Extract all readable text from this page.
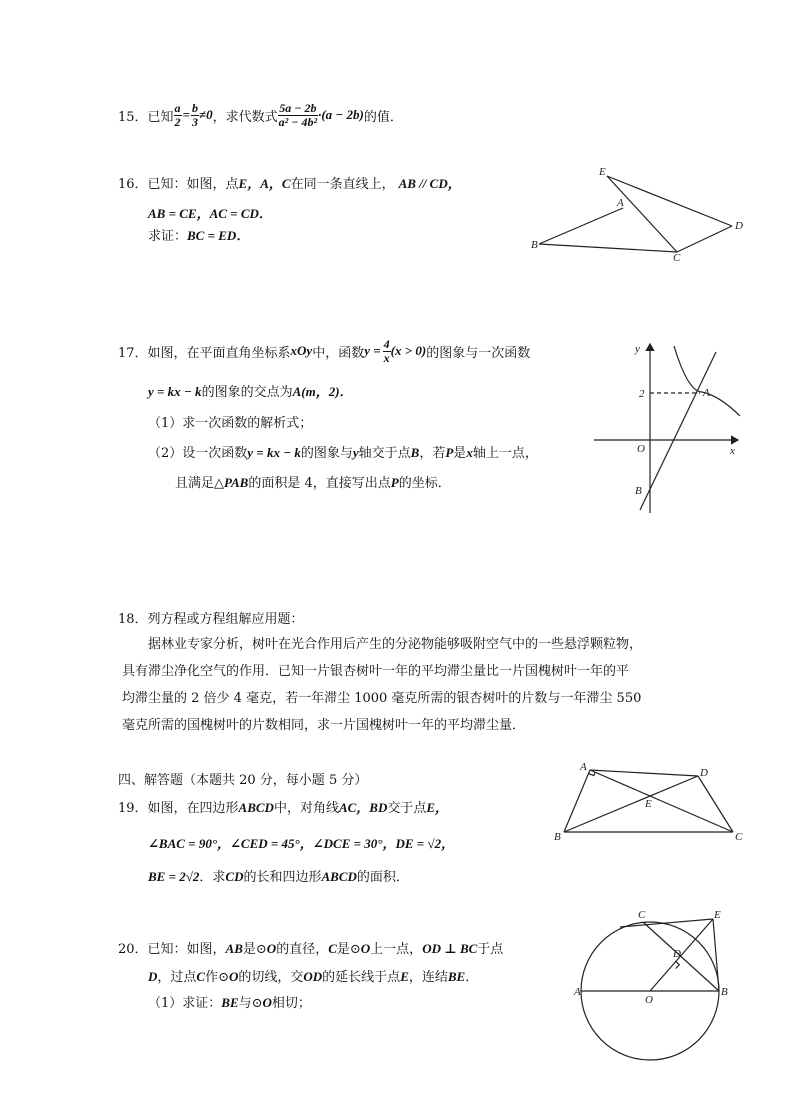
15．已知 $\frac{a}{2} = \frac{b}{3} \ne 0$ ，求代数式 $\frac{5a - 2b}{\text{a² − 4b²}} \cdot(a - 2b)$ 的值．
16．已知：如图，点E，A，C在同一条直线上， AB // CD，
AB = CE，AC = CD．
求证：BC = ED．
E
A
B
C
D
17．如图，在平面直角坐标系 xOy 中，函数 $y = \frac{4}{x} (x > 0)$ 的图象与一次函数
y = kx − k的图象的交点为A(m，2)．
（1）求一次函数的解析式；
（2）设一次函数y = kx − k的图象与y轴交于点B，若P是x轴上一点，
且满足△PAB的面积是 4，直接写出点P的坐标．
y
x
O
2	A
B
18．列方程或方程组解应用题：
据林业专家分析，树叶在光合作用后产生的分泌物能够吸附空气中的一些悬浮颗粒物，
具有滞尘净化空气的作用．已知一片银杏树叶一年的平均滞尘量比一片国槐树叶一年的平
均滞尘量的 2 倍少 4 毫克，若一年滞尘 1000 毫克所需的银杏树叶的片数与一年滞尘 550
毫克所需的国槐树叶的片数相同，求一片国槐树叶一年的平均滞尘量．
四、解答题（本题共 20 分，每小题 5 分）
19．如图，在四边形ABCD中，对角线AC，BD交于点E，
∠BAC = 90°，∠CED = 45°，∠DCE = 30°，DE = √2，
BE = 2√2．求CD的长和四边形ABCD的面积．
A	D
E
B	C
20．已知：如图，AB是⊙O的直径，C是⊙O上一点，OD ⊥ BC于点
D，过点C作⊙O的切线，交OD的延长线于点E，连结BE．
（1）求证：BE与⊙O相切；
C	E
D
A
O
B
